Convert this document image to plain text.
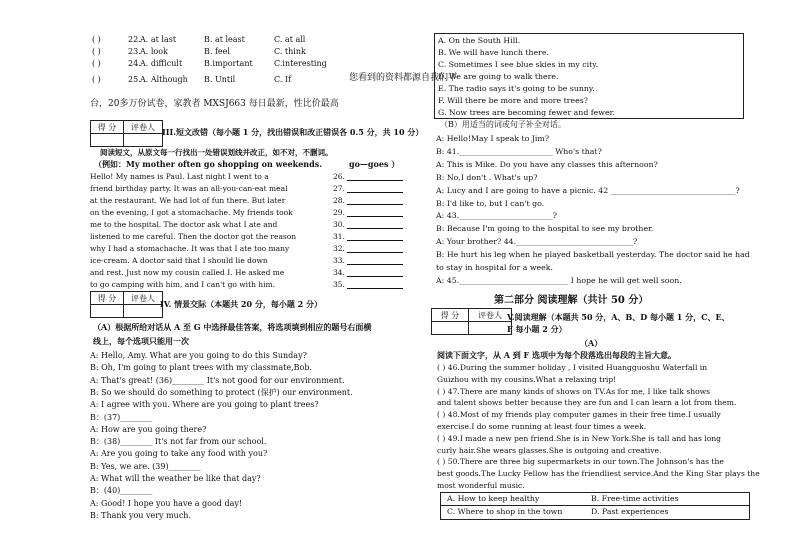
( )	22. A. at last	B. at least	C. at all
( )	23. A. look	B. feel	C. think
( )	24. A. difficult	B.important	C.interesting
( )	25. A. Although B. Until	C. If	您看到的资料都源自我们平
台，20多万份试卷，家教者 MXSJ663 每日最新，性比价最高
得 分	评卷人
	III.短文改错（每小题 1 分，找出错误和改正错误各 0.5 分，共 10 分）
阅读短文，从原文每一行找出一处错误划线并改正，如不对，不删词。
（例如：My mother often go shopping on weekends.	go—goes ）
Hello! My names is Paul. Last night I went to a	26.
friend birthday party. It was an all-you-can-eat meal	27.
at the restaurant. We had lot of fun there. But later	28.
on the evening, I got a stomachache. My friends took	29.
me to the hospital. The doctor ask what I ate and	30.
listened to me careful. Then the doctor got the reason	31.
why I had a stomachache. It was that I ate too many	32.
ice-cream. A doctor said that I should lie down	33.
and rest. Just now my cousin called I. He asked me	34.
to go camping with him, and I can't go with him.	35.
得 分	评卷人

IV. 情景交际（本题共 20 分，每小题 2 分）
（A）根据所给对话从 A 至 G 中选择最佳答案，将选项填到相应的题号右面横
线上，每个选项只能用一次
A: Hello, Amy. What are you going to do this Sunday?
B: Oh, I'm going to plant trees with my classmate,Bob.
A: That's great! (36)________ It's not good for our environment.
B: So we should do something to protect (保护) our environment.
A: I agree with you. Where are you going to plant trees?
B：(37)________
A: How are you going there?
B：(38)________ It's not far from our school.
A: Are you going to take any food with you?
B: Yes, we are. (39)________
A: What will the weather be like that day?
B：(40)________
A: Good! I hope you have a good day!
B: Thank you very much.
A. On the South Hill.
B. We will have lunch there.
C. Sometimes I see blue skies in my city.
D. We are going to walk there.
E. The radio says it's going to be sunny.
F. Will there be more and more trees?
G. Now trees are becoming fewer and fewer.
（B）用适当的词或句子补全对话。
A: Hello!May I speak to Jim?
B: 41.________________________ Who's that?
A: This is Mike. Do you have any classes this afternoon?
B: No,I don't . What's up?
A: Lucy and I are going to have a picnic. 42 ________________________________?
B: I'd like to, but I can't go.
A: 43.________________________?
B: Because I'm going to the hospital to see my brother.
A: Your brother? 44.______________________________?
B: He hurt his leg when he played basketball yesterday. The doctor said he had
to stay in hospital for a week.
A: 45.____________________________ I hope he will get well soon.
第二部分 阅读理解（共计 50 分）
得 分	评卷人
	V.阅读理解（本题共 50 分，A、B、D 每小题 1 分，C、E、
F 每小题 2 分）
（A）
阅读下面文字，从 A 到 F 选项中为每个段落选出每段的主旨大意。
( ) 46.During the summer holiday , I visited Huangguoshu Waterfall in
Guizhou with my cousins.What a relaxing trip!
( ) 47.There are many kinds of shows on TV.As for me, I like talk shows
and talent shows better because they are fun and I can learn a lot from them.
( ) 48.Most of my friends play computer games in their free time.I usually
exercise.I do some running at least four times a week.
( ) 49.I made a new pen friend.She is in New York.She is tall and has long
curly hair.She wears glasses.She is outgoing and creative.
( ) 50.There are three big supermarkets in our town.The Johnson's has the
best goods.The Lucky Fellow has the friendliest service.And the King Star plays the
most wonderful music.
A. How to keep healthy	B. Free-time activities
C. Where to shop in the town	D. Past experiences
